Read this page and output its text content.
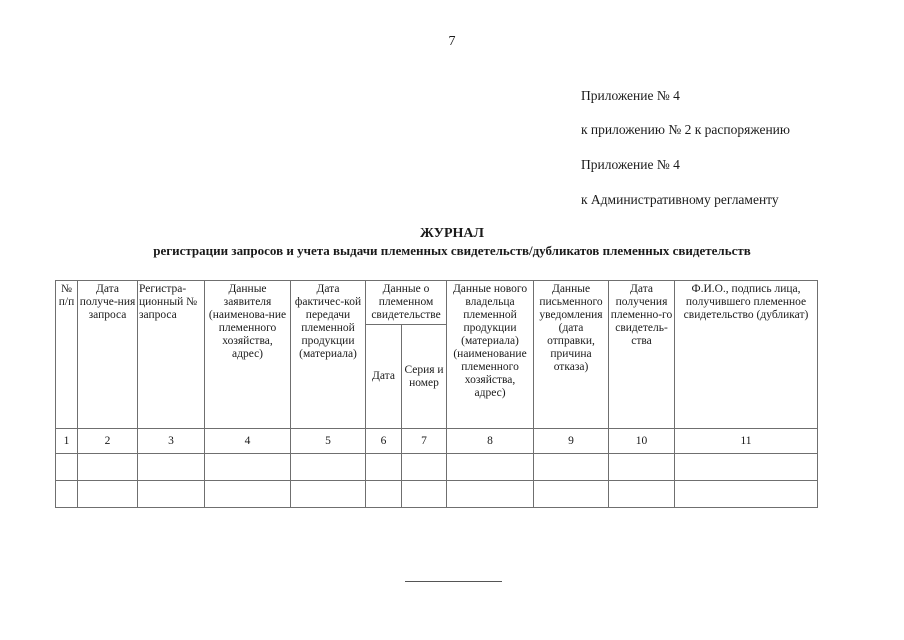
7
Приложение № 4
к приложению № 2 к распоряжению
Приложение № 4
к Административному регламенту
ЖУРНАЛ
регистрации запросов и учета выдачи племенных свидетельств/дубликатов племенных свидетельств
№ п/п	Дата получе-ния запроса	Регистра-ционный № запроса	Данные заявителя (наименова-ние племенного хозяйства, адрес)	Дата фактичес-кой передачи племенной продукции (материала)	Данные о племенном свидетельстве		Данные нового владельца племенной продукции (материала) (наименование племенного хозяйства, адрес)	Данные письменного уведомления (дата отправки, причина отказа)	Дата получения племенно-го свидетель-ства	Ф.И.О., подпись лица, получившего племенное свидетельство (дубликат)
					Дата	Серия и номер				
1	2	3	4	5	6	7	8	9	10	11
